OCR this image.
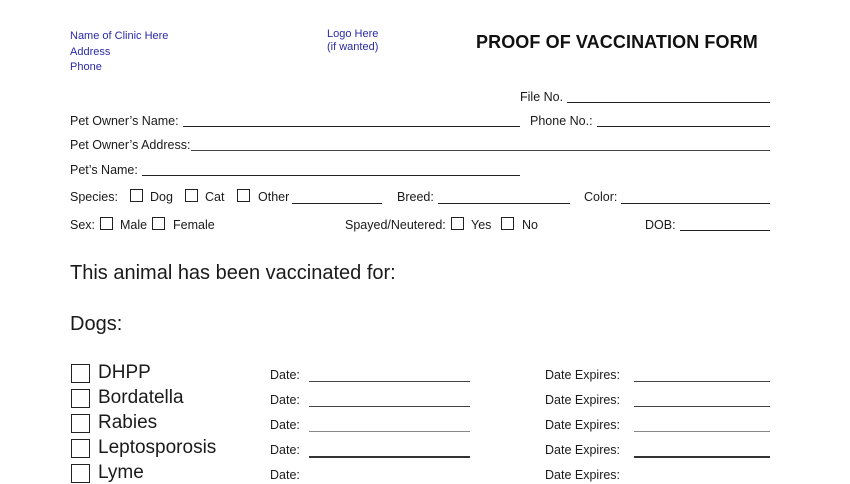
Name of Clinic Here
Address
Phone
Logo Here
(if wanted)	PROOF OF VACCINATION FORM
File No.
Pet Owner’s Name:	Phone No.:
Pet Owner’s Address:
Pet’s Name:
Species:	Dog	Cat	Other	Breed:	Color:
Sex: Male Female	Spayed/Neutered: Yes No	DOB:
This animal has been vaccinated for:
Dogs:
DHPP	Date:	Date Expires:
Bordatella	Date:	Date Expires:
Rabies	Date:	Date Expires:
Leptosporosis	Date:	Date Expires:
Lyme	Date:	Date Expires:
